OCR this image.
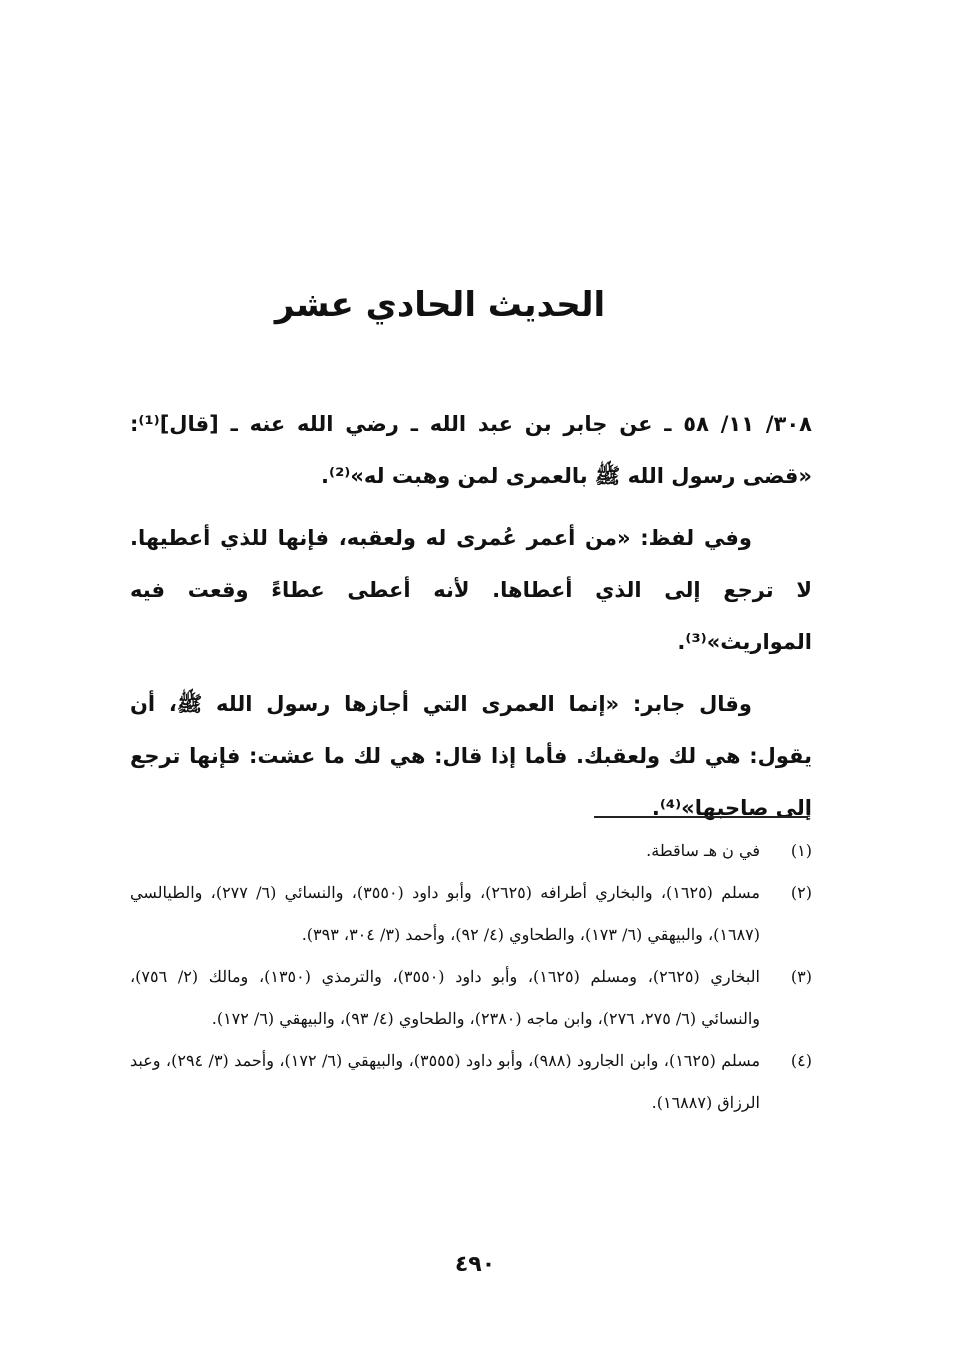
الحديث الحادي عشر

٣٠٨/ ١١/ ٥٨ ـ عن جابر بن عبد الله ـ رضي الله عنه ـ [قال]⁽¹⁾: «قضى رسول الله ﷺ بالعمرى لمن وهبت له»⁽²⁾.

وفي لفظ: «من أعمر عُمرى له ولعقبه، فإنها للذي أعطيها. لا ترجع إلى الذي أعطاها. لأنه أعطى عطاءً وقعت فيه المواريث»⁽³⁾.

وقال جابر: «إنما العمرى التي أجازها رسول الله ﷺ، أن يقول: هي لك ولعقبك. فأما إذا قال: هي لك ما عشت: فإنها ترجع إلى صاحبها»⁽⁴⁾.

(١)
في ن هـ ساقطة.
(٢)
مسلم (١٦٢٥)، والبخاري أطرافه (٢٦٢٥)، وأبو داود (٣٥٥٠)، والنسائي (٦/ ٢٧٧)، والطيالسي (١٦٨٧)، والبيهقي (٦/ ١٧٣)، والطحاوي (٤/ ٩٢)، وأحمد (٣/ ٣٠٤، ٣٩٣).
(٣)
البخاري (٢٦٢٥)، ومسلم (١٦٢٥)، وأبو داود (٣٥٥٠)، والترمذي (١٣٥٠)، ومالك (٢/ ٧٥٦)، والنسائي (٦/ ٢٧٥، ٢٧٦)، وابن ماجه (٢٣٨٠)، والطحاوي (٤/ ٩٣)، والبيهقي (٦/ ١٧٢).
(٤)
مسلم (١٦٢٥)، وابن الجارود (٩٨٨)، وأبو داود (٣٥٥٥)، والبيهقي (٦/ ١٧٢)، وأحمد (٣/ ٢٩٤)، وعبد الرزاق (١٦٨٨٧).
٤٩٠
